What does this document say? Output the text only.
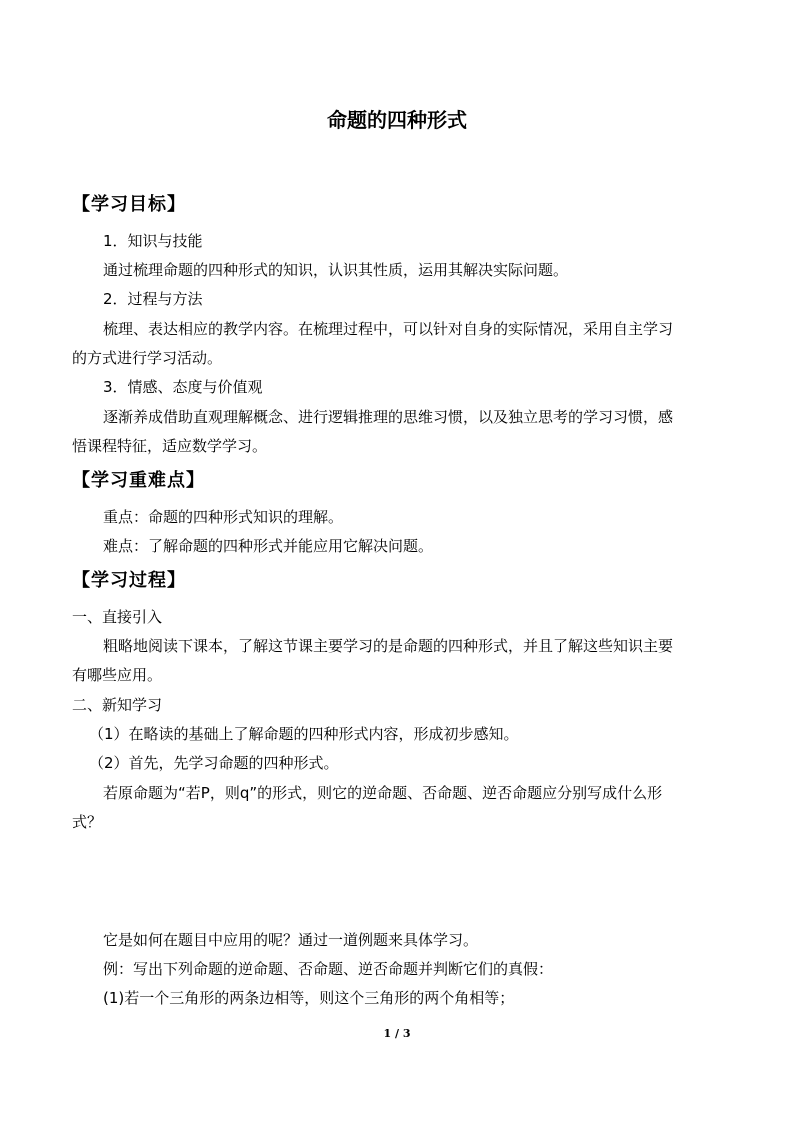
命题的四种形式
【学习目标】
1．知识与技能
通过梳理命题的四种形式的知识，认识其性质，运用其解决实际问题。
2．过程与方法
梳理、表达相应的教学内容。在梳理过程中，可以针对自身的实际情况，采用自主学习
的方式进行学习活动。
3．情感、态度与价值观
逐渐养成借助直观理解概念、进行逻辑推理的思维习惯，以及独立思考的学习习惯，感
悟课程特征，适应数学学习。
【学习重难点】
重点：命题的四种形式知识的理解。
难点：了解命题的四种形式并能应用它解决问题。
【学习过程】
一、直接引入
粗略地阅读下课本，了解这节课主要学习的是命题的四种形式，并且了解这些知识主要
有哪些应用。
二、新知学习
（1）在略读的基础上了解命题的四种形式内容，形成初步感知。
（2）首先，先学习命题的四种形式。
若原命题为“若P，则q”的形式，则它的逆命题、否命题、逆否命题应分别写成什么形
式？
它是如何在题目中应用的呢？通过一道例题来具体学习。
例：写出下列命题的逆命题、否命题、逆否命题并判断它们的真假：
(1)若一个三角形的两条边相等，则这个三角形的两个角相等；
1 / 3
